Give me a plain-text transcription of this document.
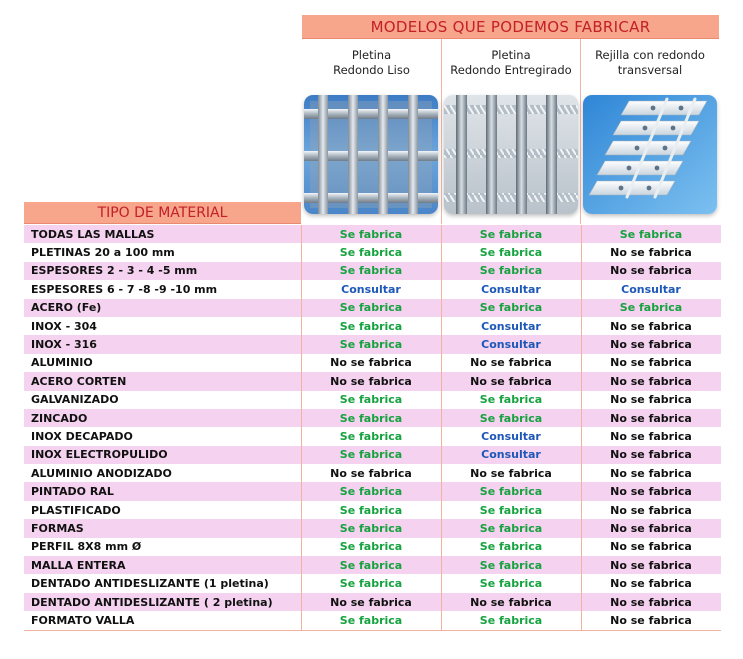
MODELOS QUE PODEMOS FABRICAR
Pletina
Redondo Liso
Pletina
Redondo Entregirado
Rejilla con redondo
transversal
TIPO DE MATERIAL
TODAS LAS MALLAS	Se fabrica	Se fabrica	Se fabrica
PLETINAS 20 a 100 mm	Se fabrica	Se fabrica	No se fabrica
ESPESORES 2 - 3 - 4 -5 mm	Se fabrica	Se fabrica	No se fabrica
ESPESORES 6 - 7 -8 -9 -10 mm	Consultar	Consultar	Consultar
ACERO (Fe)	Se fabrica	Se fabrica	Se fabrica
INOX - 304	Se fabrica	Consultar	No se fabrica
INOX - 316	Se fabrica	Consultar	No se fabrica
ALUMINIO	No se fabrica	No se fabrica	No se fabrica
ACERO CORTEN	No se fabrica	No se fabrica	No se fabrica
GALVANIZADO	Se fabrica	Se fabrica	No se fabrica
ZINCADO	Se fabrica	Se fabrica	No se fabrica
INOX DECAPADO	Se fabrica	Consultar	No se fabrica
INOX ELECTROPULIDO	Se fabrica	Consultar	No se fabrica
ALUMINIO ANODIZADO	No se fabrica	No se fabrica	No se fabrica
PINTADO RAL	Se fabrica	Se fabrica	No se fabrica
PLASTIFICADO	Se fabrica	Se fabrica	No se fabrica
FORMAS	Se fabrica	Se fabrica	No se fabrica
PERFIL 8X8 mm Ø	Se fabrica	Se fabrica	No se fabrica
MALLA ENTERA	Se fabrica	Se fabrica	No se fabrica
DENTADO ANTIDESLIZANTE (1 pletina)	Se fabrica	Se fabrica	No se fabrica
DENTADO ANTIDESLIZANTE ( 2 pletina)	No se fabrica	No se fabrica	No se fabrica
FORMATO VALLA	Se fabrica	Se fabrica	No se fabrica
